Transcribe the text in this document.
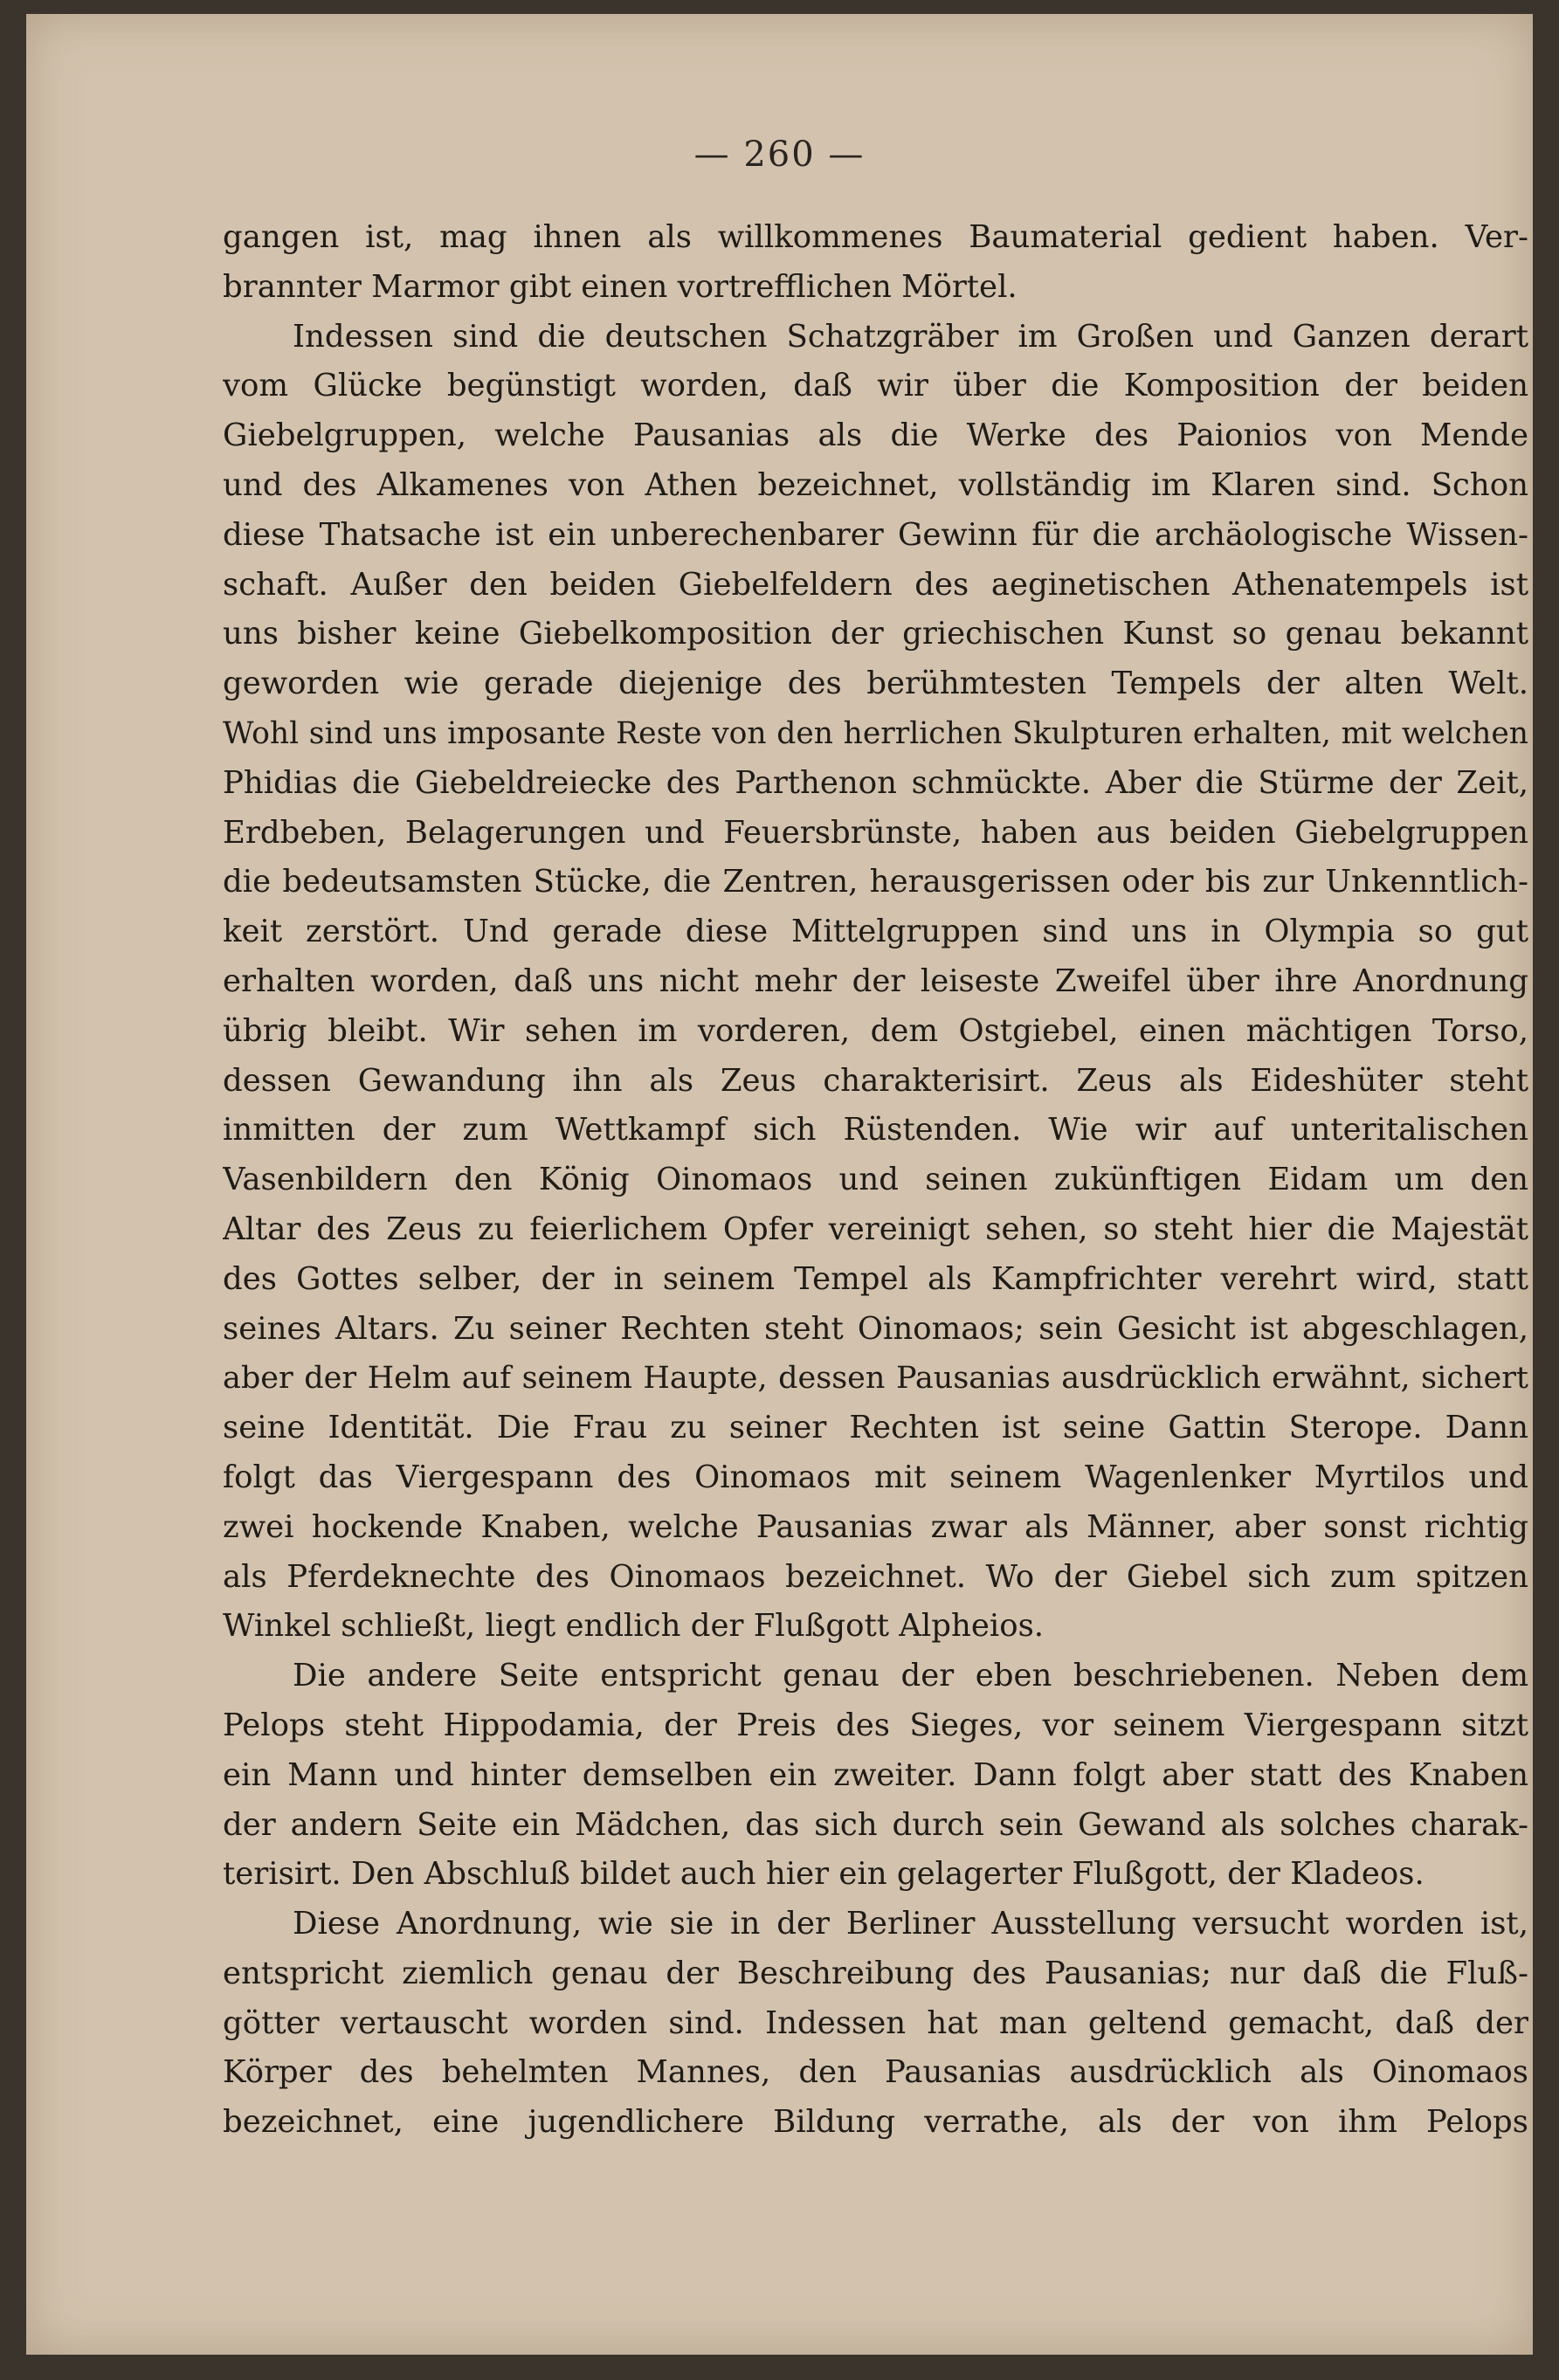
— 260 —
gangen ist, mag ihnen als willkommenes Baumaterial gedient haben. Ver-
brannter Marmor gibt einen vortrefflichen Mörtel.
Indessen sind die deutschen Schatzgräber im Großen und Ganzen derart
vom Glücke begünstigt worden, daß wir über die Komposition der beiden
Giebelgruppen, welche Pausanias als die Werke des Paionios von Mende
und des Alkamenes von Athen bezeichnet, vollständig im Klaren sind. Schon
diese Thatsache ist ein unberechenbarer Gewinn für die archäologische Wissen-
schaft. Außer den beiden Giebelfeldern des aeginetischen Athenatempels ist
uns bisher keine Giebelkomposition der griechischen Kunst so genau bekannt
geworden wie gerade diejenige des berühmtesten Tempels der alten Welt.
Wohl sind uns imposante Reste von den herrlichen Skulpturen erhalten, mit welchen
Phidias die Giebeldreiecke des Parthenon schmückte. Aber die Stürme der Zeit,
Erdbeben, Belagerungen und Feuersbrünste, haben aus beiden Giebelgruppen
die bedeutsamsten Stücke, die Zentren, herausgerissen oder bis zur Unkenntlich-
keit zerstört. Und gerade diese Mittelgruppen sind uns in Olympia so gut
erhalten worden, daß uns nicht mehr der leiseste Zweifel über ihre Anordnung
übrig bleibt. Wir sehen im vorderen, dem Ostgiebel, einen mächtigen Torso,
dessen Gewandung ihn als Zeus charakterisirt. Zeus als Eideshüter steht
inmitten der zum Wettkampf sich Rüstenden. Wie wir auf unteritalischen
Vasenbildern den König Oinomaos und seinen zukünftigen Eidam um den
Altar des Zeus zu feierlichem Opfer vereinigt sehen, so steht hier die Majestät
des Gottes selber, der in seinem Tempel als Kampfrichter verehrt wird, statt
seines Altars. Zu seiner Rechten steht Oinomaos; sein Gesicht ist abgeschlagen,
aber der Helm auf seinem Haupte, dessen Pausanias ausdrücklich erwähnt, sichert
seine Identität. Die Frau zu seiner Rechten ist seine Gattin Sterope. Dann
folgt das Viergespann des Oinomaos mit seinem Wagenlenker Myrtilos und
zwei hockende Knaben, welche Pausanias zwar als Männer, aber sonst richtig
als Pferdeknechte des Oinomaos bezeichnet. Wo der Giebel sich zum spitzen
Winkel schließt, liegt endlich der Flußgott Alpheios.
Die andere Seite entspricht genau der eben beschriebenen. Neben dem
Pelops steht Hippodamia, der Preis des Sieges, vor seinem Viergespann sitzt
ein Mann und hinter demselben ein zweiter. Dann folgt aber statt des Knaben
der andern Seite ein Mädchen, das sich durch sein Gewand als solches charak-
terisirt. Den Abschluß bildet auch hier ein gelagerter Flußgott, der Kladeos.
Diese Anordnung, wie sie in der Berliner Ausstellung versucht worden ist,
entspricht ziemlich genau der Beschreibung des Pausanias; nur daß die Fluß-
götter vertauscht worden sind. Indessen hat man geltend gemacht, daß der
Körper des behelmten Mannes, den Pausanias ausdrücklich als Oinomaos
bezeichnet, eine jugendlichere Bildung verrathe, als der von ihm Pelops
